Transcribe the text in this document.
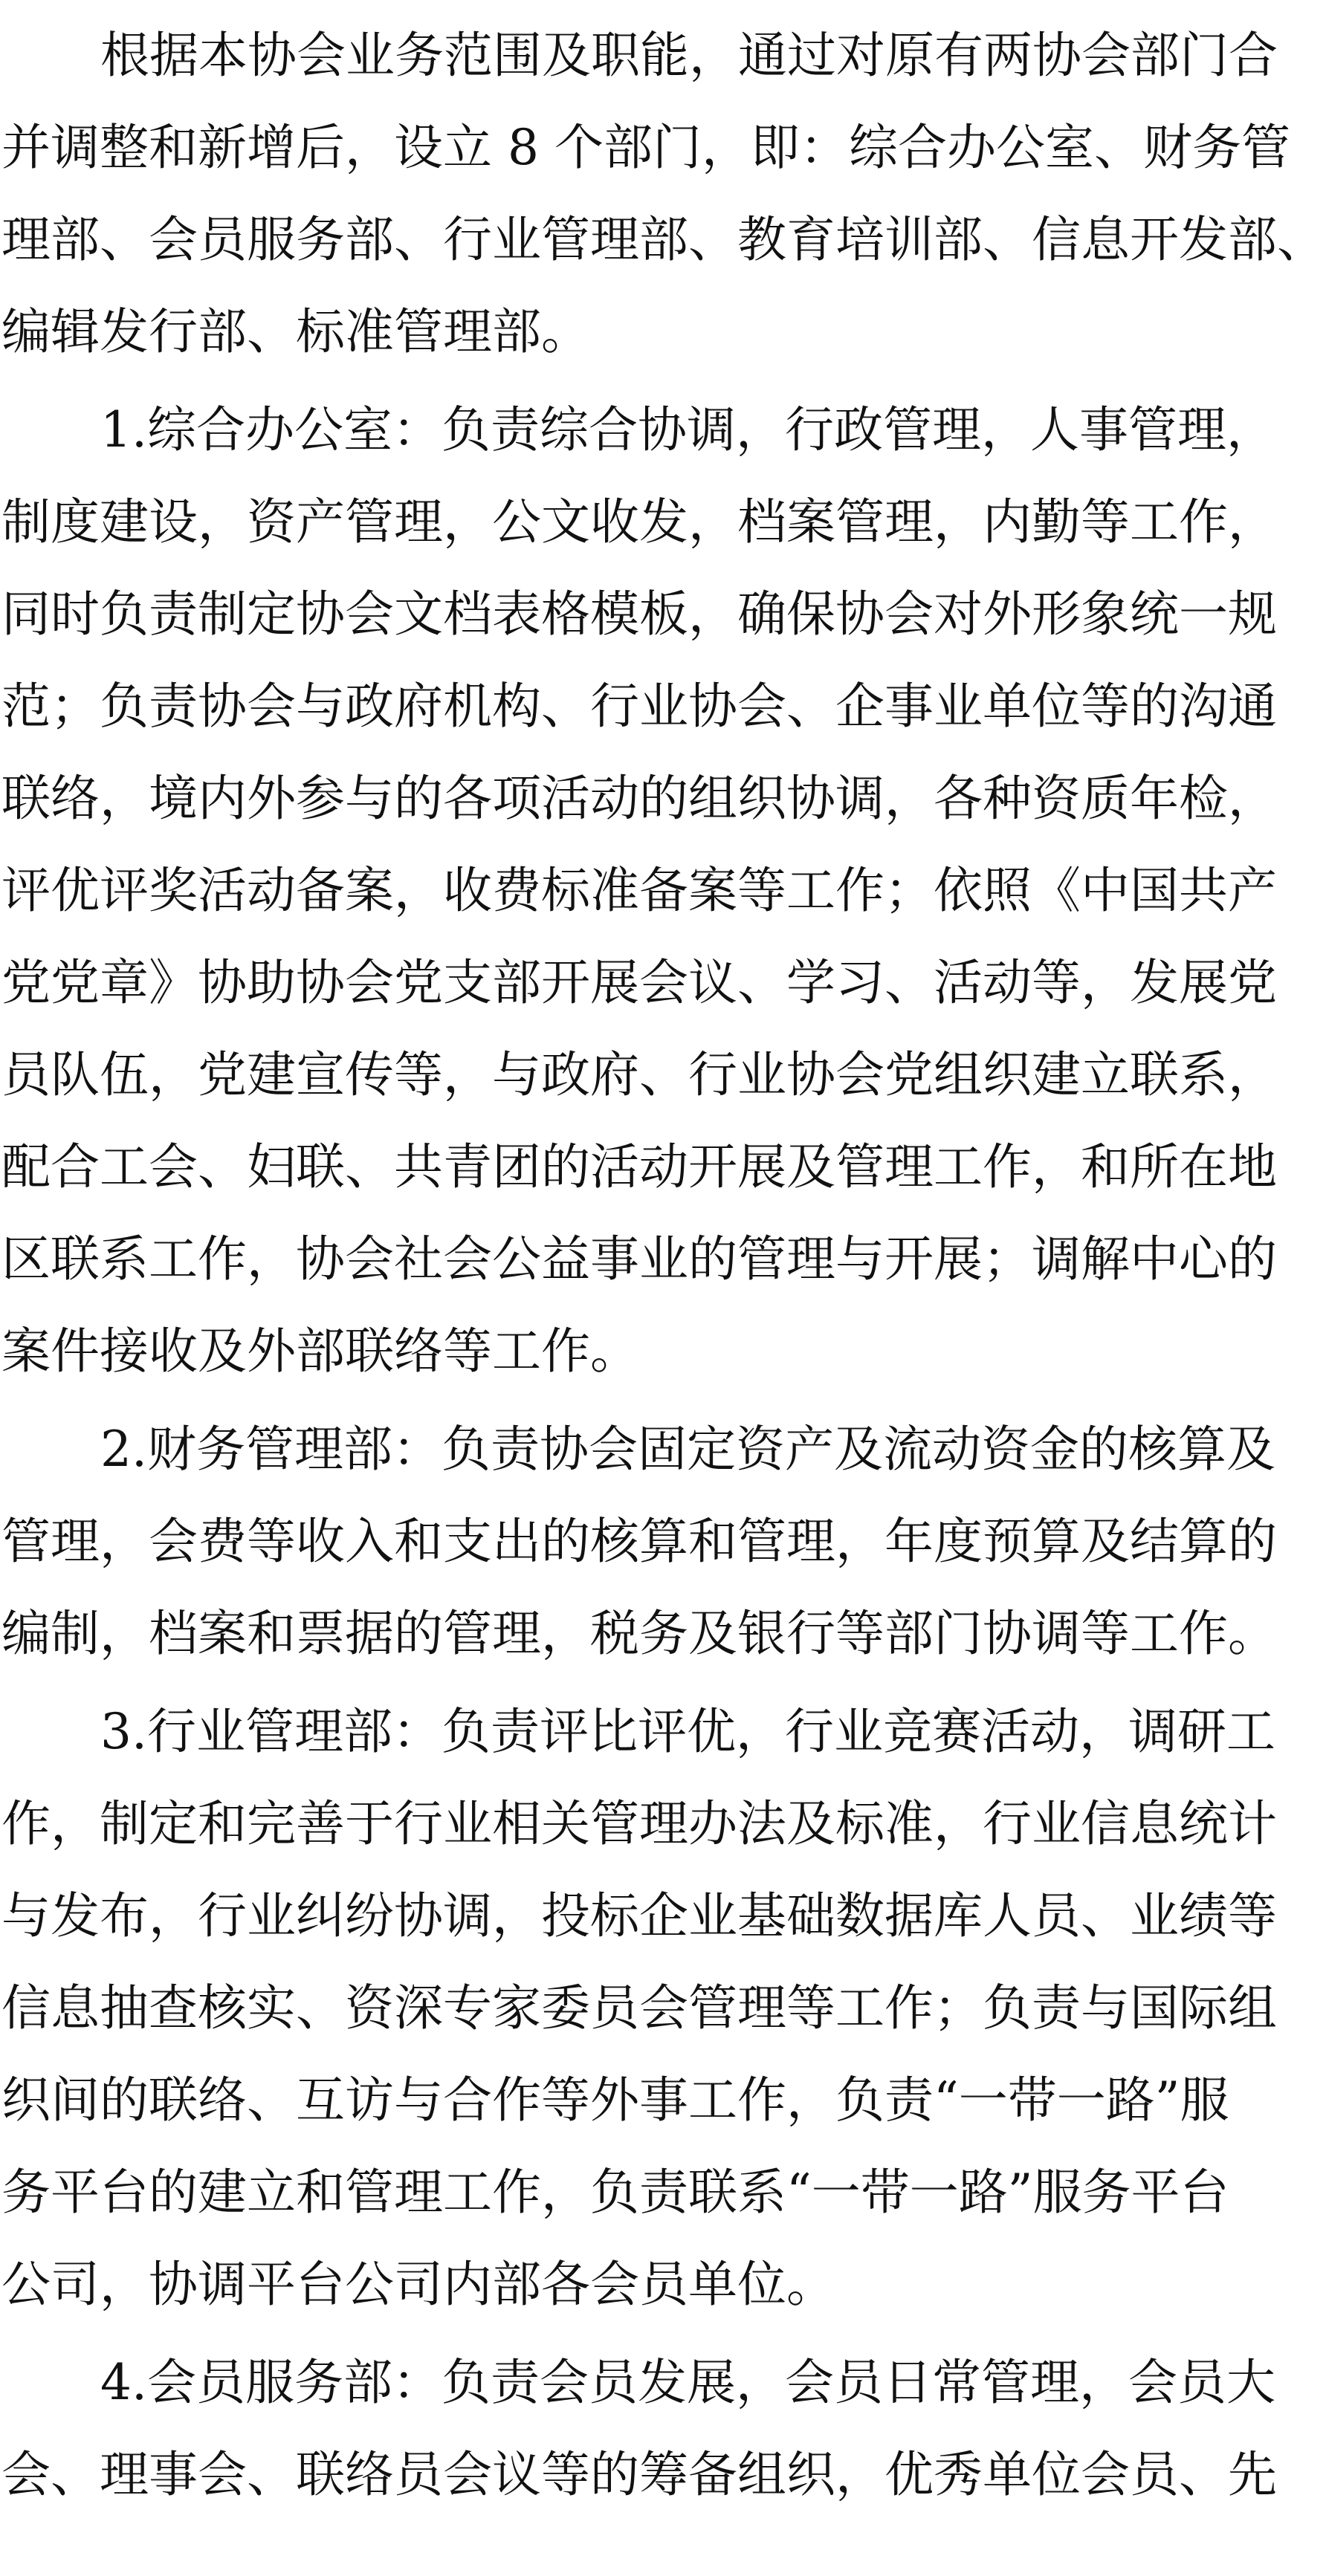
根据本协会业务范围及职能，通过对原有两协会部门合
并调整和新增后，设立 8 个部门，即：综合办公室、财务管
理部、会员服务部、行业管理部、教育培训部、信息开发部、
编辑发行部、标准管理部。
1.综合办公室：负责综合协调，行政管理，人事管理，
制度建设，资产管理，公文收发，档案管理，内勤等工作，
同时负责制定协会文档表格模板，确保协会对外形象统一规
范；负责协会与政府机构、行业协会、企事业单位等的沟通
联络，境内外参与的各项活动的组织协调，各种资质年检，
评优评奖活动备案，收费标准备案等工作；依照《中国共产
党党章》协助协会党支部开展会议、学习、活动等，发展党
员队伍，党建宣传等，与政府、行业协会党组织建立联系，
配合工会、妇联、共青团的活动开展及管理工作，和所在地
区联系工作，协会社会公益事业的管理与开展；调解中心的
案件接收及外部联络等工作。
2.财务管理部：负责协会固定资产及流动资金的核算及
管理，会费等收入和支出的核算和管理，年度预算及结算的
编制，档案和票据的管理，税务及银行等部门协调等工作。
3.行业管理部：负责评比评优，行业竞赛活动，调研工
作，制定和完善于行业相关管理办法及标准，行业信息统计
与发布，行业纠纷协调，投标企业基础数据库人员、业绩等
信息抽查核实、资深专家委员会管理等工作；负责与国际组
织间的联络、互访与合作等外事工作，负责“一带一路”服
务平台的建立和管理工作，负责联系“一带一路”服务平台
公司，协调平台公司内部各会员单位。
4.会员服务部：负责会员发展，会员日常管理，会员大
会、理事会、联络员会议等的筹备组织，优秀单位会员、先
